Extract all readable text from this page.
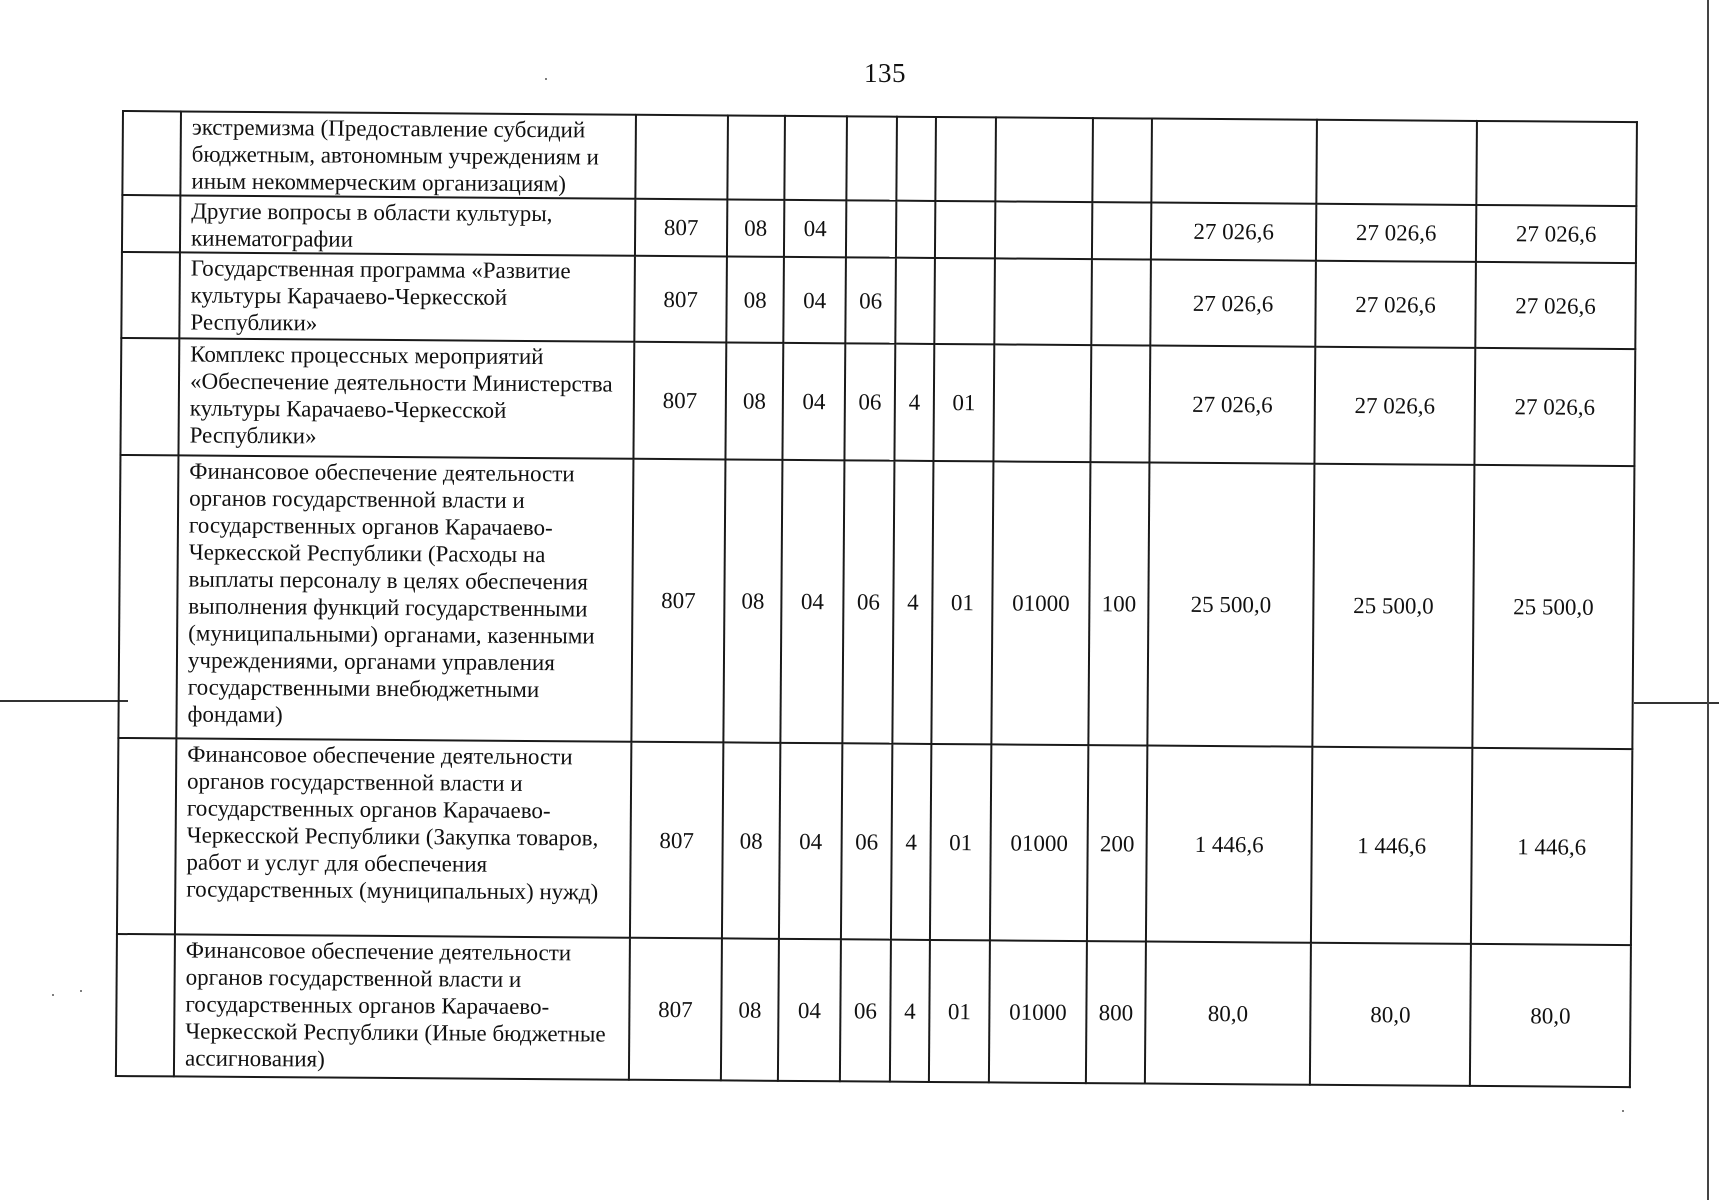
135
	экстремизма (Предоставление субсидий бюджетным, автономным учреждениям и иным некоммерческим организациям)											
	Другие вопросы в области культуры, кинематографии	807	08	04						27 026,6	27 026,6	27 026,6
	Государственная программа «Развитие культуры Карачаево-Черкесской Республики»	807	08	04	06					27 026,6	27 026,6	27 026,6
	Комплекс процессных мероприятий «Обеспечение деятельности Министерства культуры Карачаево-Черкесской Республики»	807	08	04	06	4	01			27 026,6	27 026,6	27 026,6
	Финансовое обеспечение деятельности органов государственной власти и государственных органов Карачаево-Черкесской Республики (Расходы на выплаты персоналу в целях обеспечения выполнения функций государственными (муниципальными) органами, казенными учреждениями, органами управления государственными внебюджетными фондами)	807	08	04	06	4	01	01000	100	25 500,0	25 500,0	25 500,0
	Финансовое обеспечение деятельности органов государственной власти и государственных органов Карачаево-Черкесской Республики (Закупка товаров, работ и услуг для обеспечения государственных (муниципальных) нужд)	807	08	04	06	4	01	01000	200	1 446,6	1 446,6	1 446,6
	Финансовое обеспечение деятельности органов государственной власти и государственных органов Карачаево-Черкесской Республики (Иные бюджетные ассигнования)	807	08	04	06	4	01	01000	800	80,0	80,0	80,0
